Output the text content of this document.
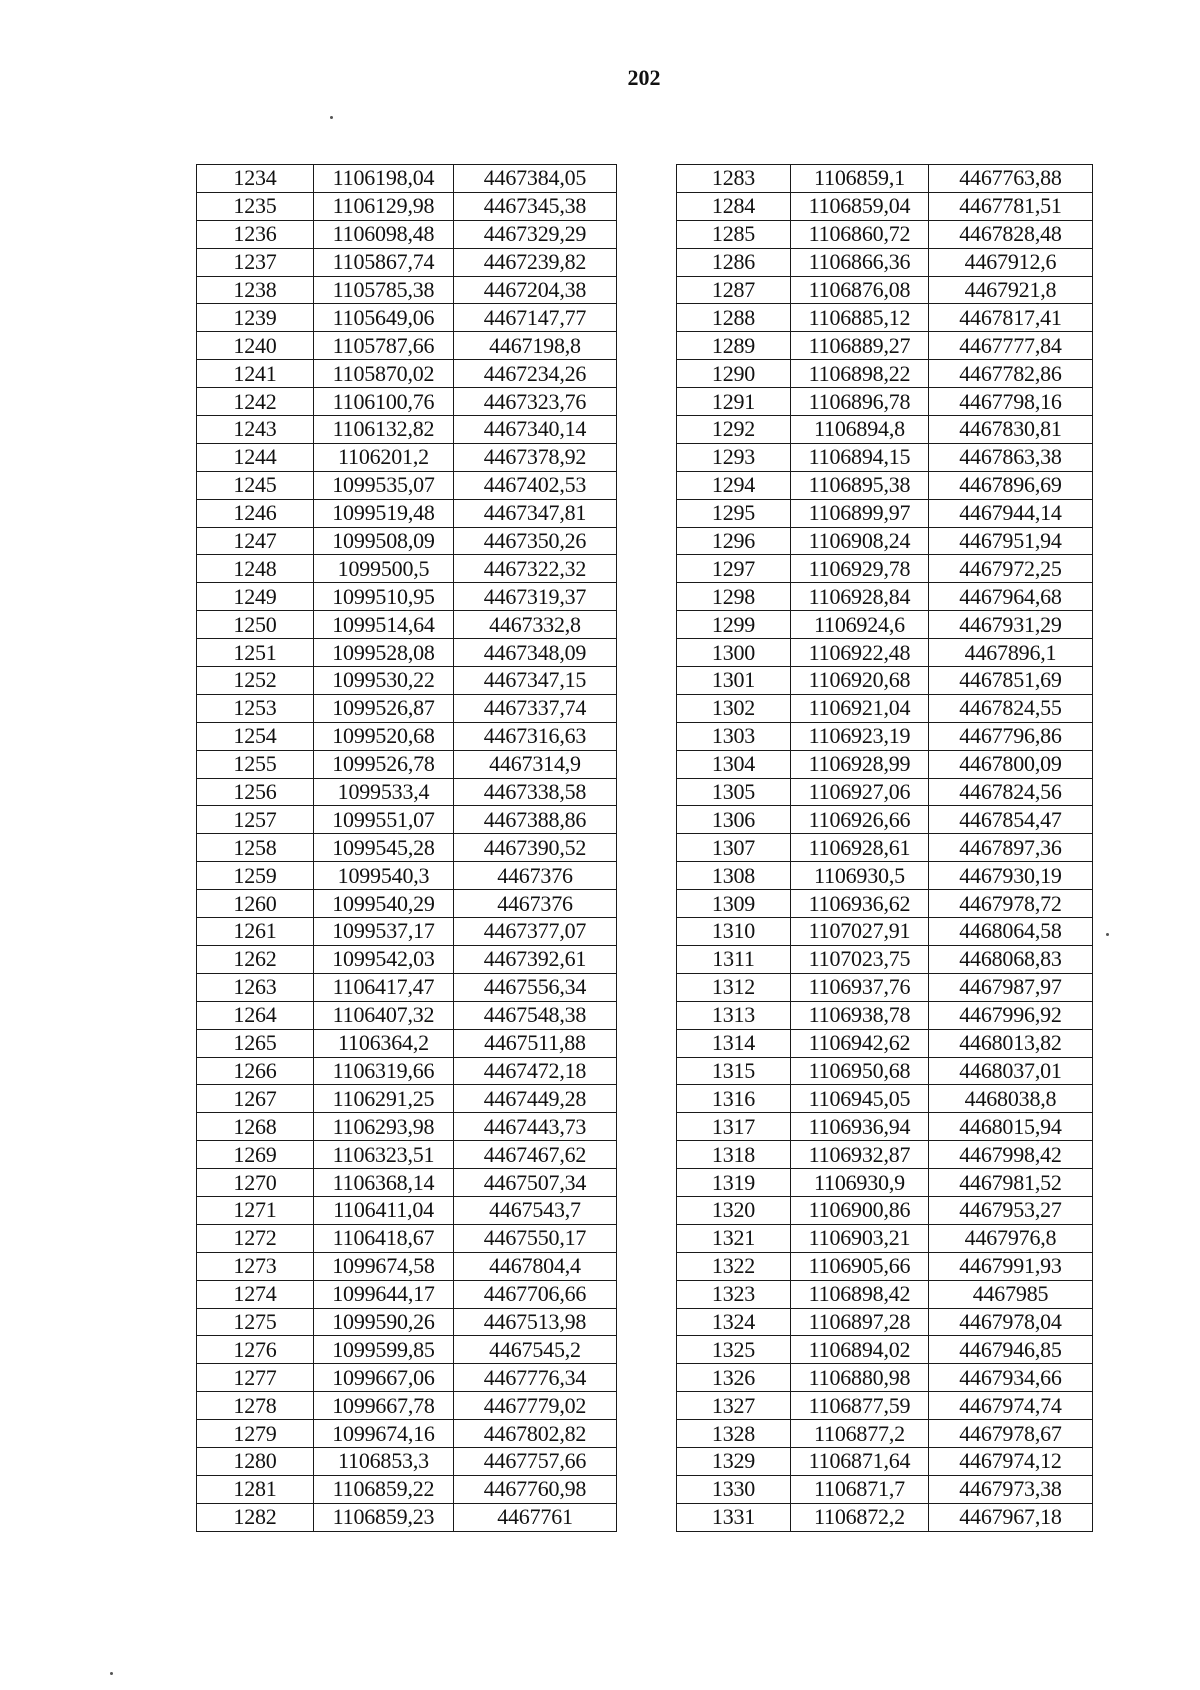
202
1234	1106198,04	4467384,05
1235	1106129,98	4467345,38
1236	1106098,48	4467329,29
1237	1105867,74	4467239,82
1238	1105785,38	4467204,38
1239	1105649,06	4467147,77
1240	1105787,66	4467198,8
1241	1105870,02	4467234,26
1242	1106100,76	4467323,76
1243	1106132,82	4467340,14
1244	1106201,2	4467378,92
1245	1099535,07	4467402,53
1246	1099519,48	4467347,81
1247	1099508,09	4467350,26
1248	1099500,5	4467322,32
1249	1099510,95	4467319,37
1250	1099514,64	4467332,8
1251	1099528,08	4467348,09
1252	1099530,22	4467347,15
1253	1099526,87	4467337,74
1254	1099520,68	4467316,63
1255	1099526,78	4467314,9
1256	1099533,4	4467338,58
1257	1099551,07	4467388,86
1258	1099545,28	4467390,52
1259	1099540,3	4467376
1260	1099540,29	4467376
1261	1099537,17	4467377,07
1262	1099542,03	4467392,61
1263	1106417,47	4467556,34
1264	1106407,32	4467548,38
1265	1106364,2	4467511,88
1266	1106319,66	4467472,18
1267	1106291,25	4467449,28
1268	1106293,98	4467443,73
1269	1106323,51	4467467,62
1270	1106368,14	4467507,34
1271	1106411,04	4467543,7
1272	1106418,67	4467550,17
1273	1099674,58	4467804,4
1274	1099644,17	4467706,66
1275	1099590,26	4467513,98
1276	1099599,85	4467545,2
1277	1099667,06	4467776,34
1278	1099667,78	4467779,02
1279	1099674,16	4467802,82
1280	1106853,3	4467757,66
1281	1106859,22	4467760,98
1282	1106859,23	4467761
1283	1106859,1	4467763,88
1284	1106859,04	4467781,51
1285	1106860,72	4467828,48
1286	1106866,36	4467912,6
1287	1106876,08	4467921,8
1288	1106885,12	4467817,41
1289	1106889,27	4467777,84
1290	1106898,22	4467782,86
1291	1106896,78	4467798,16
1292	1106894,8	4467830,81
1293	1106894,15	4467863,38
1294	1106895,38	4467896,69
1295	1106899,97	4467944,14
1296	1106908,24	4467951,94
1297	1106929,78	4467972,25
1298	1106928,84	4467964,68
1299	1106924,6	4467931,29
1300	1106922,48	4467896,1
1301	1106920,68	4467851,69
1302	1106921,04	4467824,55
1303	1106923,19	4467796,86
1304	1106928,99	4467800,09
1305	1106927,06	4467824,56
1306	1106926,66	4467854,47
1307	1106928,61	4467897,36
1308	1106930,5	4467930,19
1309	1106936,62	4467978,72
1310	1107027,91	4468064,58
1311	1107023,75	4468068,83
1312	1106937,76	4467987,97
1313	1106938,78	4467996,92
1314	1106942,62	4468013,82
1315	1106950,68	4468037,01
1316	1106945,05	4468038,8
1317	1106936,94	4468015,94
1318	1106932,87	4467998,42
1319	1106930,9	4467981,52
1320	1106900,86	4467953,27
1321	1106903,21	4467976,8
1322	1106905,66	4467991,93
1323	1106898,42	4467985
1324	1106897,28	4467978,04
1325	1106894,02	4467946,85
1326	1106880,98	4467934,66
1327	1106877,59	4467974,74
1328	1106877,2	4467978,67
1329	1106871,64	4467974,12
1330	1106871,7	4467973,38
1331	1106872,2	4467967,18
